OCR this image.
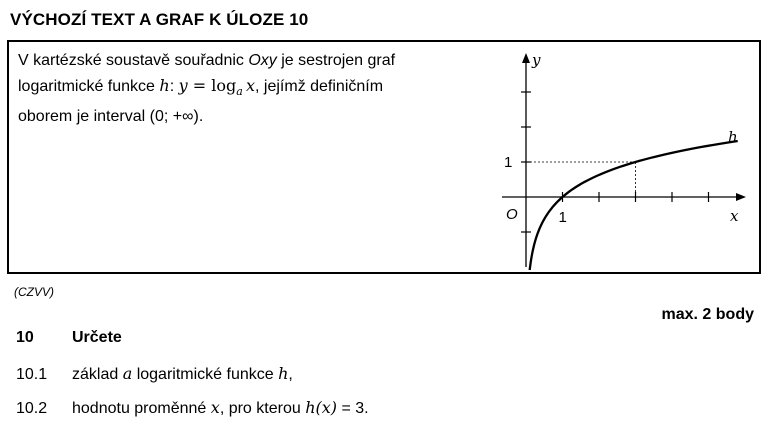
VÝCHOZÍ TEXT A GRAF K ÚLOZE 10
V kartézské soustavě souřadnic Oxy je sestrojen graf
logaritmické funkce h: $y = \log_a x$, jejímž definičním
oborem je interval (0; +∞).
y
x
O	1
1
h
(CZVV)
max. 2 body
10 Určete
10.1 základ a logaritmické funkce h,
10.2 hodnotu proměnné x, pro kterou h(x) = 3.
